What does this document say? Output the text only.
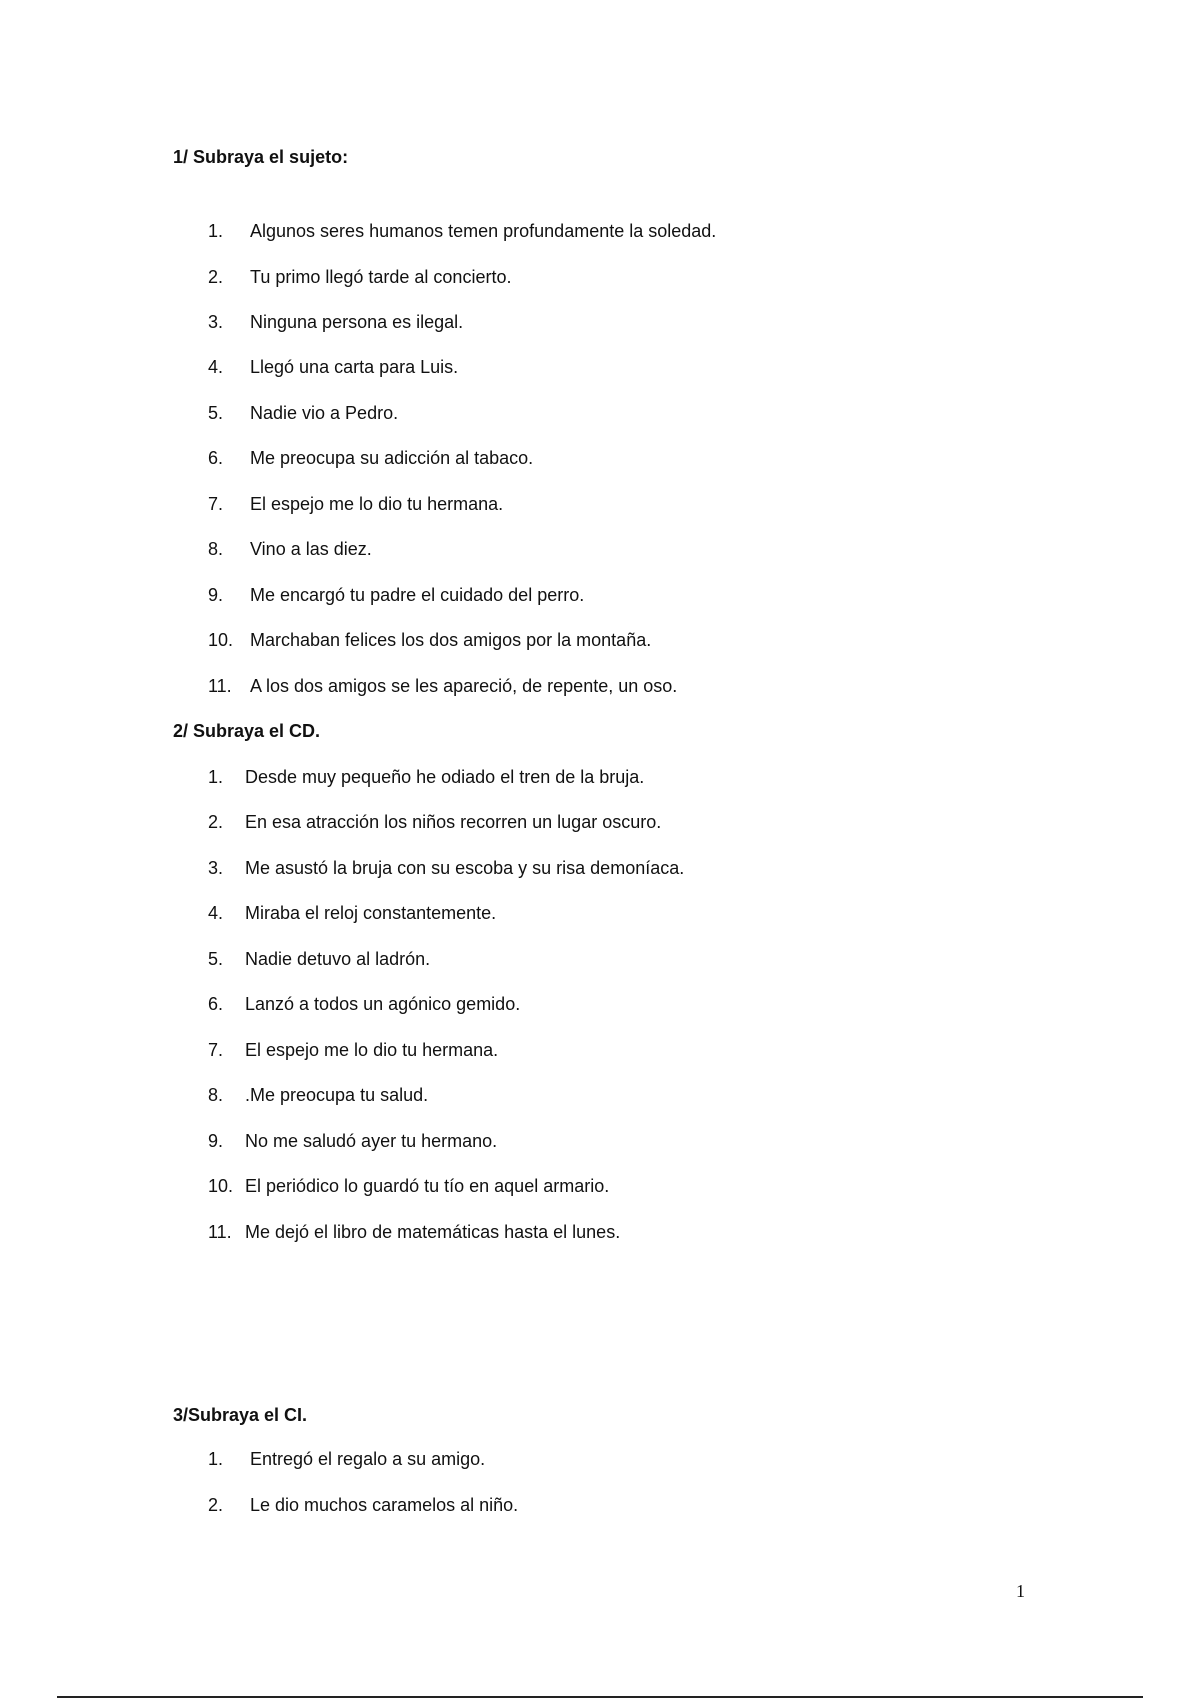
1/ Subraya el sujeto:
1. Algunos seres humanos temen profundamente la soledad.
2. Tu primo llegó tarde al concierto.
3. Ninguna persona es ilegal.
4. Llegó una carta para Luis.
5. Nadie vio a Pedro.
6. Me preocupa su adicción al tabaco.
7. El espejo me lo dio tu hermana.
8. Vino a las diez.
9. Me encargó tu padre el cuidado del perro.
10. Marchaban felices los dos amigos por la montaña.
11. A los dos amigos se les apareció, de repente, un oso.
2/ Subraya el CD.
1. Desde muy pequeño he odiado el tren de la bruja.
2. En esa atracción los niños recorren un lugar oscuro.
3. Me asustó la bruja con su escoba y su risa demoníaca.
4. Miraba el reloj constantemente.
5. Nadie detuvo al ladrón.
6. Lanzó a todos un agónico gemido.
7. El espejo me lo dio tu hermana.
8. .Me preocupa tu salud.
9. No me saludó ayer tu hermano.
10. El periódico lo guardó tu tío en aquel armario.
11. Me dejó el libro de matemáticas hasta el lunes.
3/Subraya el CI.
1. Entregó el regalo a su amigo.
2. Le dio muchos caramelos al niño.
1
